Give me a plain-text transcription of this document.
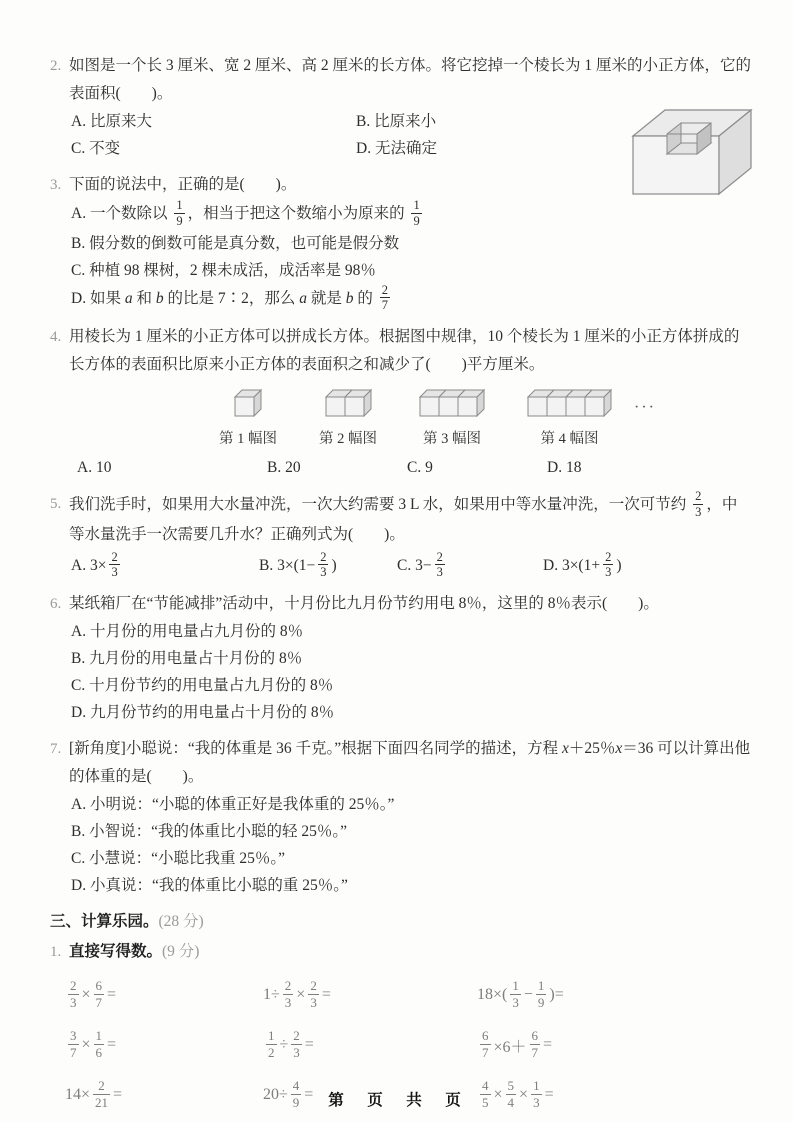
2. 如图是一个长 3 厘米、宽 2 厘米、高 2 厘米的长方体。将它挖掉一个棱长为 1 厘米的小正方体，它的表面积(　　)。
A. 比原来大	B. 比原来小
C. 不变	D. 无法确定
3. 下面的说法中，正确的是(　　)。
A. 一个数除以 $\frac{1}{9}$ ，相当于把这个数缩小为原来的 $\frac{1}{9}$
B. 假分数的倒数可能是真分数，也可能是假分数
C. 种植 98 棵树，2 棵未成活，成活率是 98％
D. 如果 a 和 b 的比是 7∶2，那么 a 就是 b 的 $\frac{2}{7}$
4. 用棱长为 1 厘米的小正方体可以拼成长方体。根据图中规律，10 个棱长为 1 厘米的小正方体拼成的长方体的表面积比原来小正方体的表面积之和减少了(　　)平方厘米。
第 1 幅图	第 2 幅图	第 3 幅图	第 4 幅图
···
A. 10	B. 20	C. 9	D. 18
5. 我们洗手时，如果用大水量冲洗，一次大约需要 3 L 水，如果用中等水量冲洗，一次可节约 $\frac{2}{3}$ ，中等水量洗手一次需要几升水？正确列式为(　　)。
A. $3\times \frac{2}{3}$	B. $3\times(1- \frac{2}{3}$ )	C. $3- \frac{2}{3}$	D. $3\times(1+ \frac{2}{3}$ )
6. 某纸箱厂在“节能减排”活动中，十月份比九月份节约用电 8％，这里的 8％表示(　　)。
A. 十月份的用电量占九月份的 8％
B. 九月份的用电量占十月份的 8％
C. 十月份节约的用电量占九月份的 8％
D. 九月份节约的用电量占十月份的 8％
7. [新角度]小聪说：“我的体重是 36 千克。”根据下面四名同学的描述，方程 x＋25％x＝36 可以计算出他的体重的是(　　)。
A. 小明说：“小聪的体重正好是我体重的 25％。”
B. 小智说：“我的体重比小聪的轻 25％。”
C. 小慧说：“小聪比我重 25％。”
D. 小真说：“我的体重比小聪的重 25％。”
三、计算乐园。(28 分)
1. 直接写得数。 (9 分)
$\frac{2}{3} \times \frac{6}{7}$ =	$1\div \frac{2}{3} \times \frac{2}{3}$ =	$18\times( \frac{1}{3} - \frac{1}{9}$ )=
$\frac{3}{7} \times \frac{1}{6}$ =	$\frac{1}{2} \div \frac{2}{3}$ =	$\frac{6}{7} \times 6+ \frac{6}{7}$ =
$14\times \frac{2}{21}$ =	$20\div \frac{4}{9}$ =	$\frac{4}{5} \times \frac{5}{4} \times \frac{1}{3}$ =
第　页　共　页
